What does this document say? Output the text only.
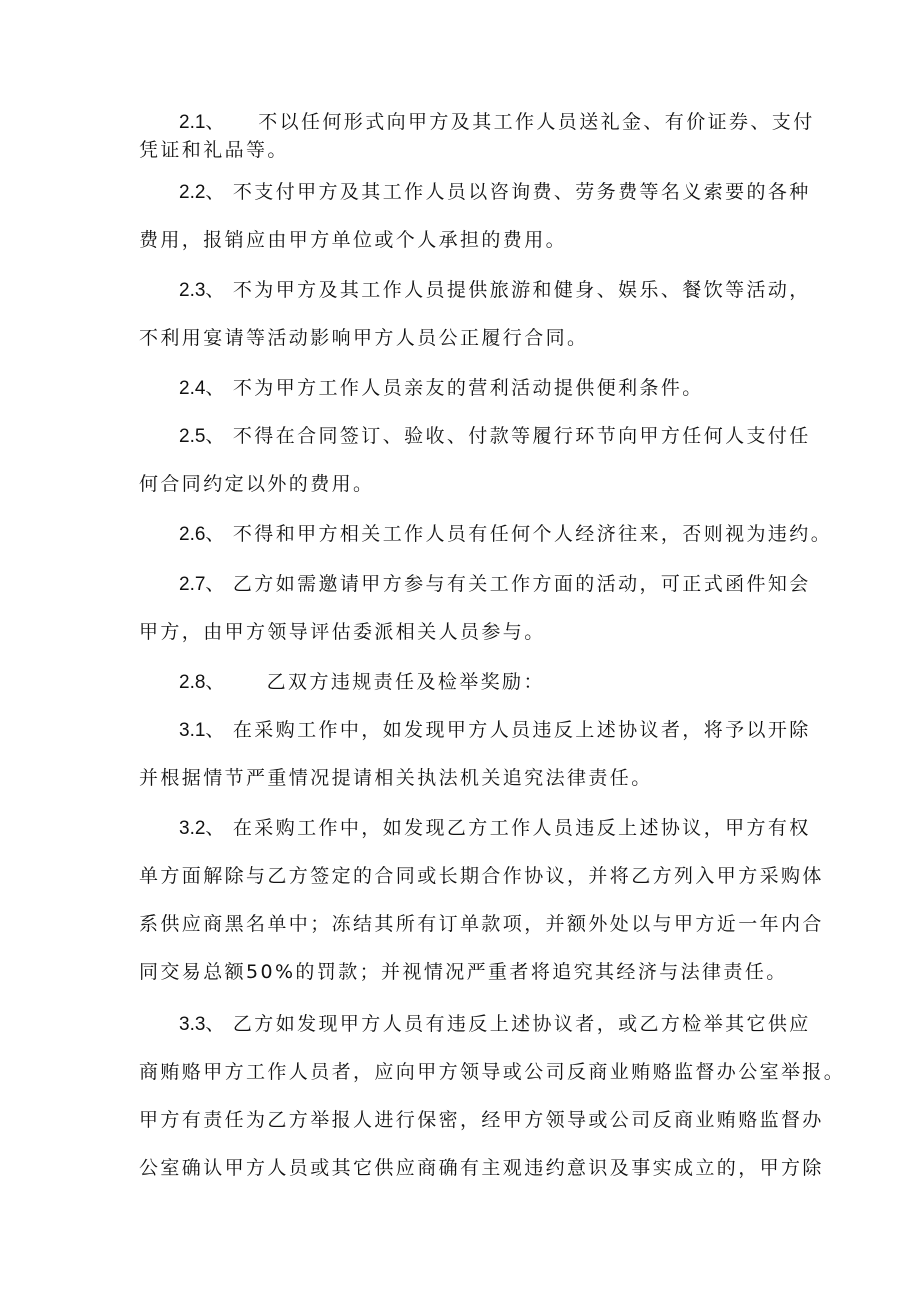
2.1、 不以任何形式向甲方及其工作人员送礼金、有价证券、支付
凭证和礼品等。
2.2、 不支付甲方及其工作人员以咨询费、劳务费等名义索要的各种
费用，报销应由甲方单位或个人承担的费用。
2.3、 不为甲方及其工作人员提供旅游和健身、娱乐、餐饮等活动，
不利用宴请等活动影响甲方人员公正履行合同。
2.4、 不为甲方工作人员亲友的营利活动提供便利条件。
2.5、 不得在合同签订、验收、付款等履行环节向甲方任何人支付任
何合同约定以外的费用。
2.6、 不得和甲方相关工作人员有任何个人经济往来，否则视为违约。
2.7、 乙方如需邀请甲方参与有关工作方面的活动，可正式函件知会
甲方，由甲方领导评估委派相关人员参与。
2.8、 乙双方违规责任及检举奖励：
3.1、 在采购工作中，如发现甲方人员违反上述协议者，将予以开除
并根据情节严重情况提请相关执法机关追究法律责任。
3.2、 在采购工作中，如发现乙方工作人员违反上述协议，甲方有权
单方面解除与乙方签定的合同或长期合作协议，并将乙方列入甲方采购体
系供应商黑名单中；冻结其所有订单款项，并额外处以与甲方近一年内合
同交易总额50%的罚款；并视情况严重者将追究其经济与法律责任。
3.3、 乙方如发现甲方人员有违反上述协议者，或乙方检举其它供应
商贿赂甲方工作人员者，应向甲方领导或公司反商业贿赂监督办公室举报。
甲方有责任为乙方举报人进行保密，经甲方领导或公司反商业贿赂监督办
公室确认甲方人员或其它供应商确有主观违约意识及事实成立的，甲方除
